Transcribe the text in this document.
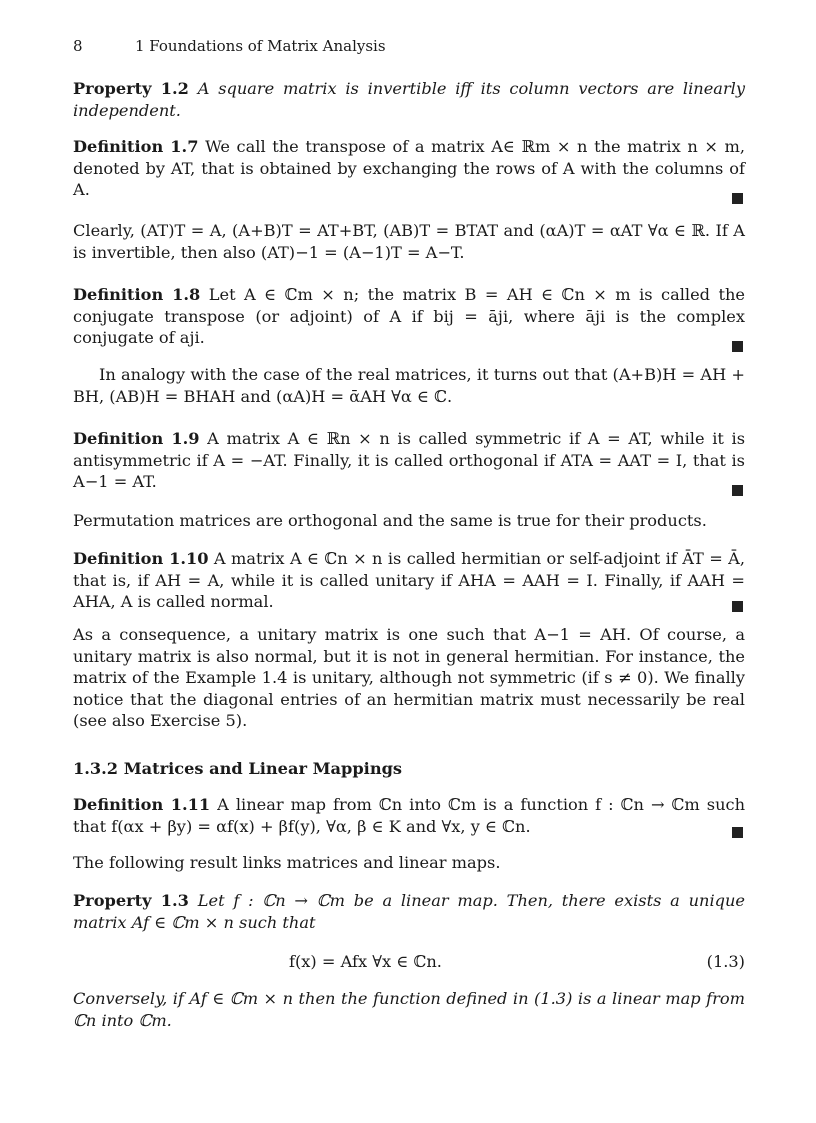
8	1 Foundations of Matrix Analysis
Property 1.2 A square matrix is invertible iff its column vectors are linearly independent.
Definition 1.7 We call the transpose of a matrix A∈ ℝm × n the matrix n × m, denoted by AT, that is obtained by exchanging the rows of A with the columns of A.
Clearly, (AT)T = A, (A+B)T = AT+BT, (AB)T = BTAT and (αA)T = αAT ∀α ∈ ℝ. If A is invertible, then also (AT)−1 = (A−1)T = A−T.
Definition 1.8 Let A ∈ ℂm × n; the matrix B = AH ∈ ℂn × m is called the conjugate transpose (or adjoint) of A if bij = āji, where āji is the complex conjugate of aji.
In analogy with the case of the real matrices, it turns out that (A+B)H = AH + BH, (AB)H = BHAH and (αA)H = ᾱAH ∀α ∈ ℂ.
Definition 1.9 A matrix A ∈ ℝn × n is called symmetric if A = AT, while it is antisymmetric if A = −AT. Finally, it is called orthogonal if ATA = AAT = I, that is A−1 = AT.
Permutation matrices are orthogonal and the same is true for their products.
Definition 1.10 A matrix A ∈ ℂn × n is called hermitian or self-adjoint if ĀT = Ā, that is, if AH = A, while it is called unitary if AHA = AAH = I. Finally, if AAH = AHA, A is called normal.
As a consequence, a unitary matrix is one such that A−1 = AH. Of course, a unitary matrix is also normal, but it is not in general hermitian. For instance, the matrix of the Example 1.4 is unitary, although not symmetric (if s ≠ 0). We finally notice that the diagonal entries of an hermitian matrix must necessarily be real (see also Exercise 5).
1.3.2 Matrices and Linear Mappings
Definition 1.11 A linear map from ℂn into ℂm is a function f : ℂn → ℂm such that f(αx + βy) = αf(x) + βf(y), ∀α, β ∈ K and ∀x, y ∈ ℂn.
The following result links matrices and linear maps.
Property 1.3 Let f : ℂn → ℂm be a linear map. Then, there exists a unique matrix Af ∈ ℂm × n such that
f(x) = Afx ∀x ∈ ℂn.	(1.3)
Conversely, if Af ∈ ℂm × n then the function defined in (1.3) is a linear map from ℂn into ℂm.
